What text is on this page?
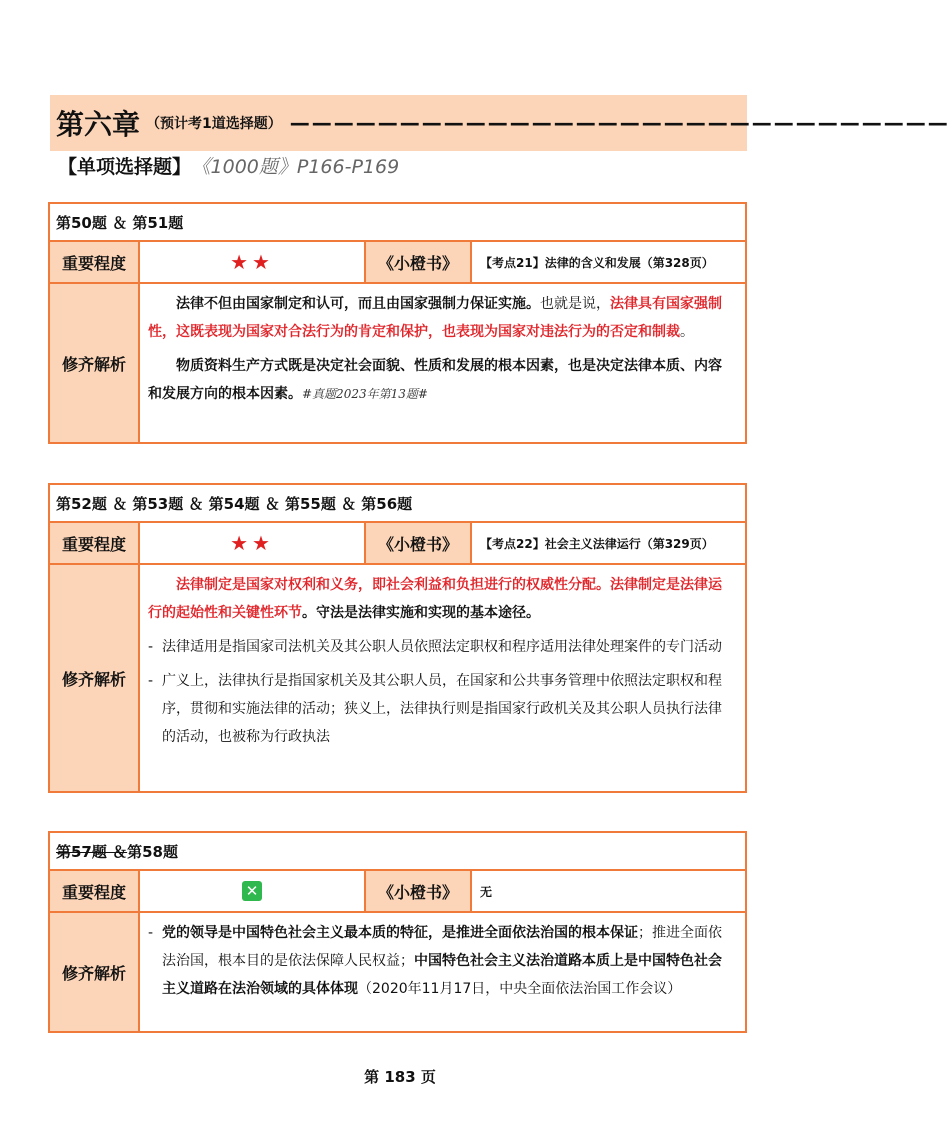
第六章 （预计考1道选择题） ——————————————————————————————
【单项选择题】 《1000题》P166-P169
第50题 ＆ 第51题
重要程度	★★	《小橙书》	【考点21】法律的含义和发展（第328页）
修齐解析

法律不但由国家制定和认可，而且由国家强制力保证实施。也就是说，法律具有国家强制性，这既表现为国家对合法行为的肯定和保护，也表现为国家对违法行为的否定和制裁。

物质资料生产方式既是决定社会面貌、性质和发展的根本因素，也是决定法律本质、内容和发展方向的根本因素。#真题2023年第13题#

第52题 ＆ 第53题 ＆ 第54题 ＆ 第55题 ＆ 第56题
重要程度	★★	《小橙书》	【考点22】社会主义法律运行（第329页）
修齐解析

法律制定是国家对权利和义务，即社会利益和负担进行的权威性分配。法律制定是法律运行的起始性和关键性环节。守法是法律实施和实现的基本途径。

- 法律适用是指国家司法机关及其公职人员依照法定职权和程序适用法律处理案件的专门活动
- 广义上，法律执行是指国家机关及其公职人员，在国家和公共事务管理中依照法定职权和程序，贯彻和实施法律的活动；狭义上，法律执行则是指国家行政机关及其公职人员执行法律的活动，也被称为行政执法
第57题 ＆ 第58题
重要程度	✕	《小橙书》	无
修齐解析
- 党的领导是中国特色社会主义最本质的特征，是推进全面依法治国的根本保证；推进全面依法治国，根本目的是依法保障人民权益；中国特色社会主义法治道路本质上是中国特色社会主义道路在法治领域的具体体现（2020年11月17日，中央全面依法治国工作会议）
第 183 页
